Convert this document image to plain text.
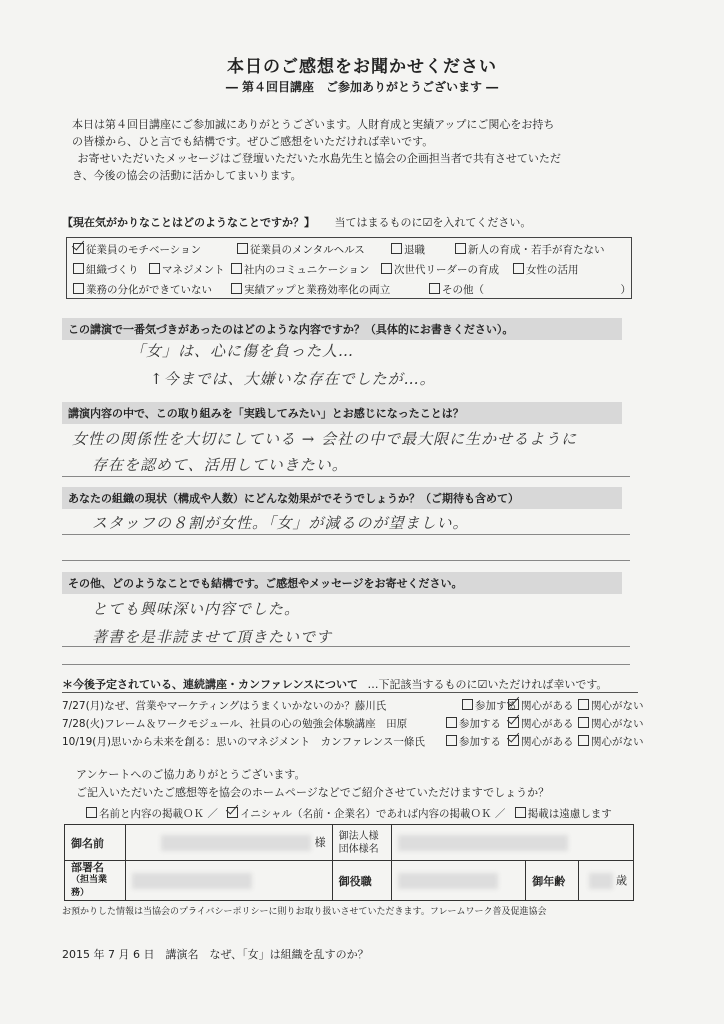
本日のご感想をお聞かせください
― 第４回目講座　ご参加ありがとうございます ―

本日は第４回目講座にご参加誠にありがとうございます。人財育成と実績アップにご関心をお持ち

の皆様から、ひと言でも結構です。ぜひご感想をいただければ幸いです。

お寄せいただいたメッセージはご登壇いただいた水島先生と協会の企画担当者で共有させていただ

き、今後の協会の活動に活かしてまいります。

【現在気がかりなことはどのようなことですか？】 当てはまるものに☑を入れてください。
従業員のモチベーション	従業員のメンタルヘルス	退職	新人の育成・若手が育たない
組織づくり	マネジメント	社内のコミュニケーション	次世代リーダーの育成	女性の活用
業務の分化ができていない	実績アップと業務効率化の両立	その他（　　　　　　　　　　　　　）
この講演で一番気づきがあったのはどのような内容ですか？（具体的にお書きください）。
「女」は、心に傷を負った人…
↑今までは、大嫌いな存在でしたが…。
講演内容の中で、この取り組みを「実践してみたい」とお感じになったことは？
女性の関係性を大切にしている → 会社の中で最大限に生かせるように
存在を認めて、活用していきたい。
あなたの組織の現状（構成や人数）にどんな効果がでそうでしょうか？（ご期待も含めて）
スタッフの８割が女性。「女」が減るのが望ましい。
その他、どのようなことでも結構です。ご感想やメッセージをお寄せください。
とても興味深い内容でした。
著書を是非読ませて頂きたいです
＊今後予定されている、連続講座・カンファレンスについて …下記該当するものに☑いただければ幸いです。
7/27(月)なぜ、営業やマーケティングはうまくいかないのか？藤川氏	参加する 関心がある	関心がない
7/28(火)フレーム＆ワークモジュール、社員の心の勉強会体験講座　田原	参加する	関心がある	関心がない
10/19(月)思いから未来を創る：思いのマネジメント　カンファレンス一條氏	参加する	関心がある	関心がない
アンケートへのご協力ありがとうございます。
ご記入いただいたご感想等を協会のホームページなどでご紹介させていただけますでしょうか？
名前と内容の掲載ＯＫ ／ イニシャル（名前・企業名）であれば内容の掲載ＯＫ ／ 掲載は遠慮します
御名前	様	御法人様
団体様名			

部署名
（担当業務）		御役職		御年齢	歳
お預かりした情報は当協会のプライバシーポリシーに則りお取り扱いさせていただきます。フレームワーク普及促進協会
2015 年 7 月 6 日　講演名　なぜ、「女」は組織を乱すのか？
